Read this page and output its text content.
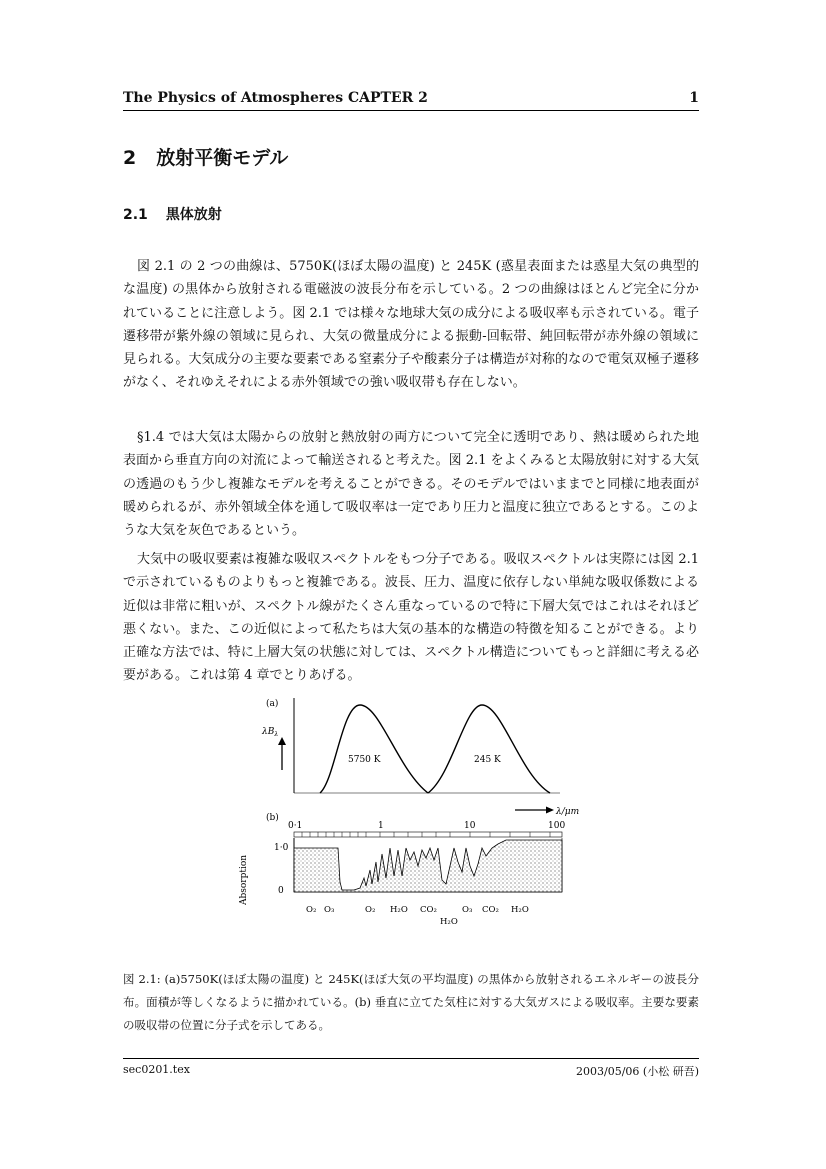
The Physics of Atmospheres CAPTER 2	1
2 放射平衡モデル
2.1 黒体放射

図 2.1 の 2 つの曲線は、5750K(ほぼ太陽の温度) と 245K (惑星表面または惑星大気の典型的な温度) の黒体から放射される電磁波の波長分布を示している。2 つの曲線はほとんど完全に分かれていることに注意しよう。図 2.1 では様々な地球大気の成分による吸収率も示されている。電子遷移帯が紫外線の領域に見られ、大気の微量成分による振動-回転帯、純回転帯が赤外線の領域に見られる。大気成分の主要な要素である窒素分子や酸素分子は構造が対称的なので電気双極子遷移がなく、それゆえそれによる赤外領域での強い吸収帯も存在しない。

§1.4 では大気は太陽からの放射と熱放射の両方について完全に透明であり、熱は暖められた地表面から垂直方向の対流によって輸送されると考えた。図 2.1 をよくみると太陽放射に対する大気の透過のもう少し複雑なモデルを考えることができる。そのモデルではいままでと同様に地表面が暖められるが、赤外領域全体を通して吸収率は一定であり圧力と温度に独立であるとする。このような大気を灰色であるという。

大気中の吸収要素は複雑な吸収スペクトルをもつ分子である。吸収スペクトルは実際には図 2.1 で示されているものよりもっと複雑である。波長、圧力、温度に依存しない単純な吸収係数による近似は非常に粗いが、スペクトル線がたくさん重なっているので特に下層大気ではこれはそれほど悪くない。また、この近似によって私たちは大気の基本的な構造の特徴を知ることができる。より正確な方法では、特に上層大気の状態に対しては、スペクトル構造についてもっと詳細に考える必要がある。これは第 4 章でとりあげる。

(a)
$\lambda B_\lambda$
5750 K	245 K
λ/μm
(b)
0·1	1	10	100
Absorption
1·0
0
O₂ O₃	O₂ H₂O CO₂	O₃ CO₂ H₂O
H₂O

図 2.1: (a)5750K(ほぼ太陽の温度) と 245K(ほぼ大気の平均温度) の黒体から放射されるエネルギーの波長分布。面積が等しくなるように描かれている。(b) 垂直に立てた気柱に対する大気ガスによる吸収率。主要な要素の吸収帯の位置に分子式を示してある。

sec0201.tex	2003/05/06 (小松 研吾)
